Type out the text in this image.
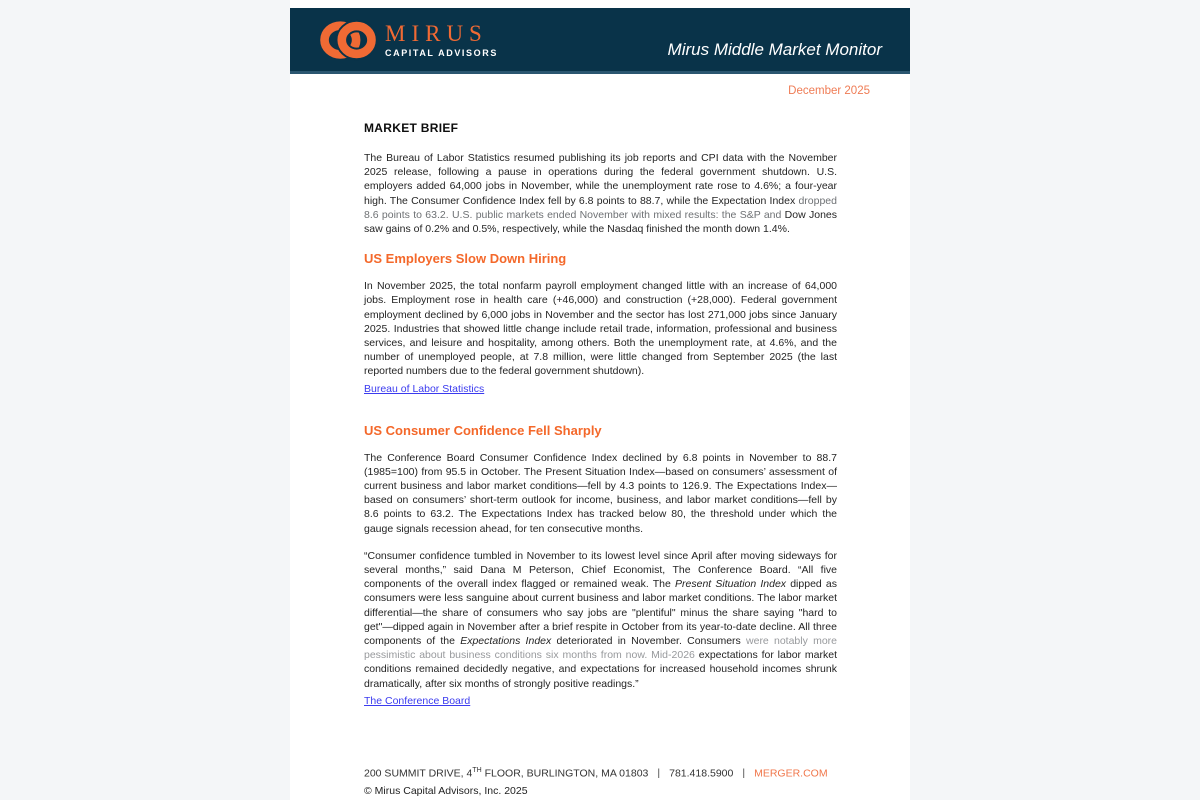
MIRUS
CAPITAL ADVISORS	Mirus Middle Market Monitor
December 2025
MARKET BRIEF

The Bureau of Labor Statistics resumed publishing its job reports and CPI data with the November 2025 release, following a pause in operations during the federal government shutdown. U.S. employers added 64,000 jobs in November, while the unemployment rate rose to 4.6%; a four-year high. The Consumer Confidence Index fell by 6.8 points to 88.7, while the Expectation Index dropped 8.6 points to 63.2. U.S. public markets ended November with mixed results: the S&P and Dow Jones saw gains of 0.2% and 0.5%, respectively, while the Nasdaq finished the month down 1.4%.

US Employers Slow Down Hiring

In November 2025, the total nonfarm payroll employment changed little with an increase of 64,000 jobs. Employment rose in health care (+46,000) and construction (+28,000). Federal government employment declined by 6,000 jobs in November and the sector has lost 271,000 jobs since January 2025. Industries that showed little change include retail trade, information, professional and business services, and leisure and hospitality, among others. Both the unemployment rate, at 4.6%, and the number of unemployed people, at 7.8 million, were little changed from September 2025 (the last reported numbers due to the federal government shutdown).

Bureau of Labor Statistics
US Consumer Confidence Fell Sharply

The Conference Board Consumer Confidence Index declined by 6.8 points in November to 88.7 (1985=100) from 95.5 in October. The Present Situation Index—based on consumers’ assessment of current business and labor market conditions—fell by 4.3 points to 126.9. The Expectations Index—based on consumers’ short-term outlook for income, business, and labor market conditions—fell by 8.6 points to 63.2. The Expectations Index has tracked below 80, the threshold under which the gauge signals recession ahead, for ten consecutive months.

“Consumer confidence tumbled in November to its lowest level since April after moving sideways for several months,” said Dana M Peterson, Chief Economist, The Conference Board. “All five components of the overall index flagged or remained weak. The Present Situation Index dipped as consumers were less sanguine about current business and labor market conditions. The labor market differential—the share of consumers who say jobs are "plentiful" minus the share saying "hard to get"—dipped again in November after a brief respite in October from its year-to-date decline. All three components of the Expectations Index deteriorated in November. Consumers were notably more pessimistic about business conditions six months from now. Mid-2026 expectations for labor market conditions remained decidedly negative, and expectations for increased household incomes shrunk dramatically, after six months of strongly positive readings.”

The Conference Board
200 SUMMIT DRIVE, 4TH FLOOR, BURLINGTON, MA 01803 | 781.418.5900 | MERGER.COM
© Mirus Capital Advisors, Inc. 2025
